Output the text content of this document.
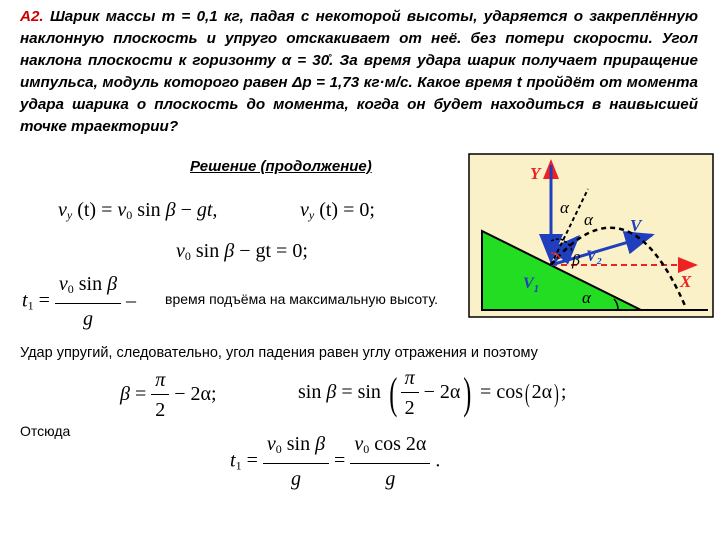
А2. Шарик массы m = 0,1 кг, падая с некоторой высоты, ударяется о закреплённую наклонную плоскость и упруго отскакивает от неё. без потери скорости. Угол наклона плоскости к горизонту α = 30̊. За время удара шарик получает приращение импульса, модуль которого равен Δp = 1,73 кг·м/с. Какое время t пройдёт от момента удара шарика о плоскость до момента, когда он будет находиться в наивысшей точке траектории?

Решение (продолжение)
$v_y$ $(t) = v_0$ sin β − gt,	$v_y$ (t) = 0;
$v_0$ sin β − gt = 0;
$t_1 = \frac{v_0 \sin \beta}{g}$ – время подъёма на максимальную высоту.
Удар упругий, следовательно, угол падения равен углу отражения и поэтому
$\beta = \frac{\pi}{2} - 2\alpha$;	sin β = sin ( $\frac{\pi}{2} - 2\alpha) = \cos(2\alpha)$;
Отсюда
$t_1 = \frac{v_0 \sin \beta}{g} = \frac{v_0 \cos 2\alpha}{g}$ .
Y
X
V
V₂
$V_1$
α
α
β
α
